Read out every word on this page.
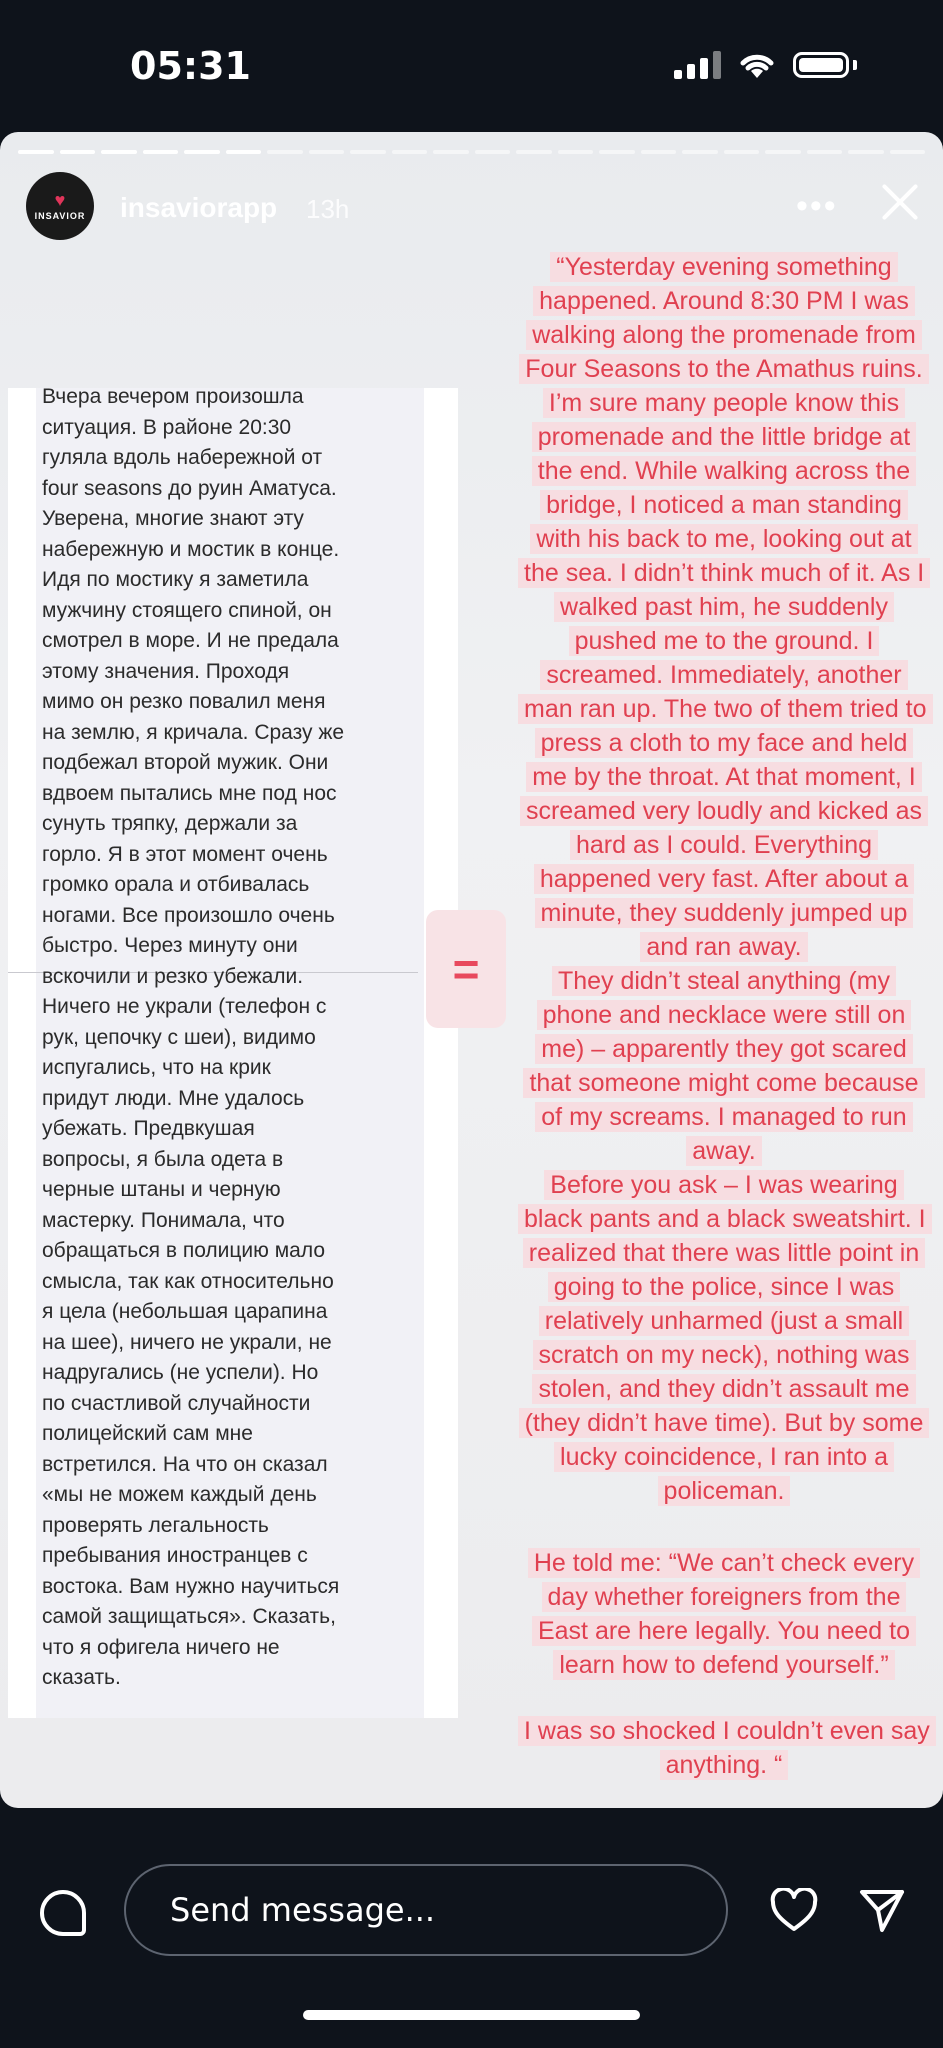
05:31
♥
INSAVIOR insaviorapp 13h	•••
=

“Yesterday evening something happened. Around 8:30 PM I was walking along the promenade from Four Seasons to the Amathus ruins. I’m sure many people know this promenade and the little bridge at the end. While walking across the bridge, I noticed a man standing with his back to me, looking out at the sea. I didn’t think much of it. As I walked past him, he suddenly pushed me to the ground. I screamed. Immediately, another man ran up. The two of them tried to press a cloth to my face and held me by the throat. At that moment, I screamed very loudly and kicked as hard as I could. Everything happened very fast. After about a minute, they suddenly jumped up and ran away.

They didn’t steal anything (my phone and necklace were still on me) – apparently they got scared that someone might come because of my screams. I managed to run away.

Before you ask – I was wearing black pants and a black sweatshirt. I realized that there was little point in going to the police, since I was relatively unharmed (just a small scratch on my neck), nothing was stolen, and they didn’t assault me (they didn’t have time). But by some lucky coincidence, I ran into a policeman.

He told me: “We can’t check every day whether foreigners from the East are here legally. You need to learn how to defend yourself.”

I was so shocked I couldn’t even say anything. “

Вчера вечером произошла
ситуация. В районе 20:30
гуляла вдоль набережной от
four seasons до руин Аматуса.
Уверена, многие знают эту
набережную и мостик в конце.
Идя по мостику я заметила
мужчину стоящего спиной, он
смотрел в море. И не предала
этому значения. Проходя
мимо он резко повалил меня
на землю, я кричала. Сразу же
подбежал второй мужик. Они
вдвоем пытались мне под нос
сунуть тряпку, держали за
горло. Я в этот момент очень
громко орала и отбивалась
ногами. Все произошло очень
быстро. Через минуту они
вскочили и резко убежали.
Ничего не украли (телефон с
рук, цепочку с шеи), видимо
испугались, что на крик
придут люди. Мне удалось
убежать. Предвкушая
вопросы, я была одета в
черные штаны и черную
мастерку. Понимала, что
обращаться в полицию мало
смысла, так как относительно
я цела (небольшая царапина
на шее), ничего не украли, не
надругались (не успели). Но
по счастливой случайности
полицейский сам мне
встретился. На что он сказал
«мы не можем каждый день
проверять легальность
пребывания иностранцев с
востока. Вам нужно научиться
самой защищаться». Сказать,
что я офигела ничего не
сказать.
Send message...
